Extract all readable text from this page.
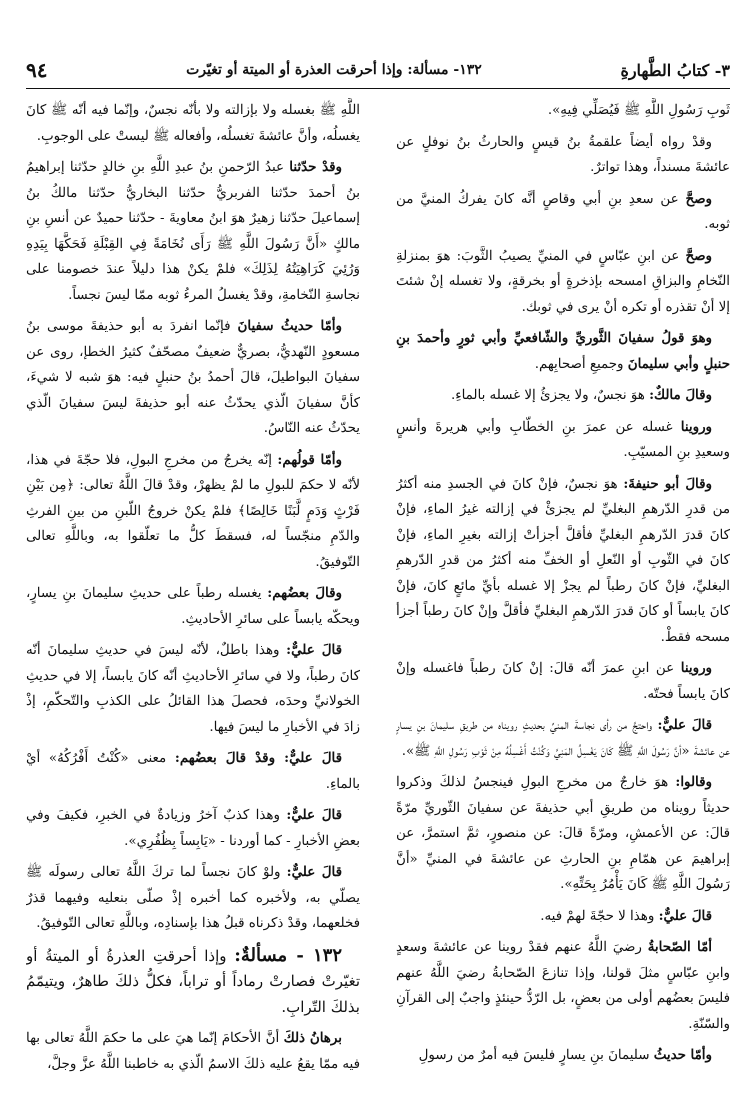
٣- كتابُ الطَّهارةِ
١٣٢- مسألة: وإذا أحرقت العذرة أو الميتة أو تغيّرت
٩٤

ثَوبِ رَسُولِ اللَّهِ ﷺ فَيُصَلِّي فِيهِ».

وقدْ رواه أيضاً علقمةُ بنُ قيسٍ والحارثُ بنُ نوفلٍ عن عائشةَ مسنداً، وهذا تواترٌ.

وصحَّ عن سعدِ بنِ أبي وقاصٍ أنَّه كانَ يفركُ المنيَّ من ثوبه.

وصحَّ عن ابنِ عبّاسٍ في المنيِّ يصيبُ الثَّوبَ: هوَ بمنزلةِ النّخامِ والبزاقِ امسحه بإذخرةٍ أو بخرقةٍ، ولا تغسله إنْ شئتَ إلا أنْ تقذره أو تكره أنْ يرى في ثوبك.

وهوَ قولُ سفيانَ الثَّوريِّ والشّافعيِّ وأبي ثورٍ وأحمدَ بنِ حنبلٍ وأبي سليمانَ وجميعِ أصحابِهم.

وقالَ مالكٌ: هوَ نجسٌ، ولا يجزئُ إلا غسله بالماءِ.

وروينا غسله عن عمرَ بنِ الخطّابِ وأبي هريرةَ وأنسٍ وسعيدِ بنِ المسيّبِ.

وقالَ أبو حنيفةَ: هوَ نجسٌ، فإنْ كانَ في الجسدِ منه أكثرُ من قدرِ الدّرهمِ البغليِّ لم يجزئْ في إزالته غيرُ الماءِ، فإنْ كانَ قدرَ الدّرهمِ البغليِّ فأقلَّ أجزأتْ إزالته بغيرِ الماءِ، فإنْ كانَ في الثّوبِ أو النّعلِ أو الخفِّ منه أكثرُ من قدرِ الدّرهمِ البغليِّ، فإنْ كانَ رطباً لم يجزْ إلا غسله بأيِّ مائعٍ كانَ، فإنْ كانَ يابساً أو كانَ قدرَ الدّرهمِ البغليِّ فأقلَّ وإنْ كانَ رطباً أجزأ مسحه فقطْ.

وروينا عن ابنِ عمرَ أنّه قالَ: إنْ كانَ رطباً فاغسله وإنْ كانَ يابساً فحتّه.

قالَ عليٌّ: واحتجَّ من رأى نجاسةَ المنيِّ بحديثٍ رويناه من طريقِ سليمانَ بنِ يسارٍ عن عائشةَ «أنَّ رَسُولَ اللَّهِ ﷺ كَانَ يَغْسِلُ المَنِيَّ وَكُنْتُ أَغْسِلُهُ مِنْ ثَوْبِ رَسُولِ اللَّهِ ﷺ».

وقالوا: هوَ خارجٌ من مخرجِ البولِ فينجسُ لذلكَ وذكروا حديثاً رويناه من طريقِ أبي حذيفةَ عن سفيانَ الثّوريِّ مرّةً قالَ: عن الأعمشِ، ومرّةً قالَ: عن منصورٍ، ثمَّ استمرَّ، عن إبراهيمَ عن همّامِ بنِ الحارثِ عن عائشةَ في المنيِّ «أنَّ رَسُولَ اللَّهِ ﷺ كَانَ يَأْمُرُ بِحَتِّهِ».

قالَ عليٌّ: وهذا لا حجّةَ لهمْ فيه.

أمّا الصّحابةُ رضيَ اللَّهُ عنهم فقدْ روينا عن عائشةَ وسعدٍ وابنِ عبّاسٍ مثلَ قولنا، وإذا تنازعَ الصّحابةُ رضيَ اللَّهُ عنهم فليسَ بعضُهم أولى من بعضٍ، بل الرّدُّ حينئذٍ واجبٌ إلى القرآنِ والسّنّةِ.

وأمّا حديثُ سليمانَ بنِ يسارٍ فليسَ فيه أمرٌ من رسولِ

اللَّهِ ﷺ بغسله ولا بإزالته ولا بأنّه نجسٌ، وإنّما فيه أنّه ﷺ كانَ يغسلُه، وأنَّ عائشةَ تغسلُه، وأفعاله ﷺ ليستْ على الوجوبِ.

وقدْ حدّثنا عبدُ الرّحمنِ بنُ عبدِ اللَّهِ بنِ خالدٍ حدّثنا إبراهيمُ بنُ أحمدَ حدّثنا الفربريُّ حدّثنا البخاريُّ حدّثنا مالكُ بنُ إسماعيلَ حدّثنا زهيرٌ هوَ ابنُ معاويةَ - حدّثنا حميدٌ عن أنسِ بنِ مالكٍ «أَنَّ رَسُولَ اللَّهِ ﷺ رَأَى نُخَامَةً فِي القِبْلَةِ فَحَكَّهَا بِيَدِهِ وَرُئِيَ كَرَاهِيَتُهُ لِذَلِكَ» فلمْ يكنْ هذا دليلاً عندَ خصومنا على نجاسةِ النّخامةِ، وقدْ يغسلُ المرءُ ثوبه ممّا ليسَ نجساً.

وأمّا حديثُ سفيانَ فإنّما انفردَ به أبو حذيفةَ موسى بنُ مسعودٍ النّهديُّ، بصريٌّ ضعيفٌ مصحّفٌ كثيرُ الخطإ، روى عن سفيانَ البواطيلَ، قالَ أحمدُ بنُ حنبلٍ فيه: هوَ شبه لا شيءَ، كأنَّ سفيانَ الّذي يحدّثُ عنه أبو حذيفةَ ليسَ سفيانَ الّذي يحدّثُ عنه النّاسُ.

وأمّا قولُهم: إنّه يخرجُ من مخرجِ البولِ، فلا حجّةَ في هذا، لأنّه لا حكمَ للبولِ ما لمْ يظهرْ، وقدْ قالَ اللَّهُ تعالى: ﴿مِن بَيْنِ فَرْثٍ وَدَمٍ لَّبَنًا خَالِصًا﴾ فلمْ يكنْ خروجُ اللّبنِ من بينِ الفرثِ والدّمِ منجّساً له، فسقطَ كلُّ ما تعلّقوا به، وباللَّهِ تعالى التّوفيقُ.

وقالَ بعضُهم: يغسله رطباً على حديثِ سليمانَ بنِ يسارٍ، ويحكّه يابساً على سائرِ الأحاديثِ.

قالَ عليٌّ: وهذا باطلٌ، لأنّه ليسَ في حديثِ سليمانَ أنّه كانَ رطباً، ولا في سائرِ الأحاديثِ أنّه كانَ يابساً، إلا في حديثِ الخولانيِّ وحدَه، فحصلَ هذا القائلُ على الكذبِ والتّحكّمِ، إذْ زادَ في الأخبارِ ما ليسَ فيها.

قالَ عليٌّ: وقدْ قالَ بعضُهم: معنى «كُنْتُ أَفْرُكُهُ» أيْ بالماءِ.

قالَ عليٌّ: وهذا كذبٌ آخرُ وزيادةٌ في الخبرِ، فكيفَ وفي بعضِ الأخبارِ - كما أوردنا - «يَابِساً بِظُفُرِي».

قالَ عليٌّ: ولوْ كانَ نجساً لما تركَ اللَّهُ تعالى رسولَه ﷺ يصلّي به، ولأخبره كما أخبره إذْ صلّى بنعليه وفيهما قذرٌ فخلعهما، وقدْ ذكرناه قبلُ هذا بإسنادِه، وباللَّهِ تعالى التّوفيقُ.

١٣٢ - مسألةٌ: وإذا أحرقتِ العذرةُ أو الميتةُ أو تغيّرتْ فصارتْ رماداً أو تراباً، فكلُّ ذلكَ طاهرٌ، ويتيمّمُ بذلكَ التّرابِ.

برهانُ ذلكَ أنَّ الأحكامَ إنّما هيَ على ما حكمَ اللَّهُ تعالى بها فيه ممّا يقعُ عليه ذلكَ الاسمُ الّذي به خاطبنا اللَّهُ عزَّ وجلَّ،
